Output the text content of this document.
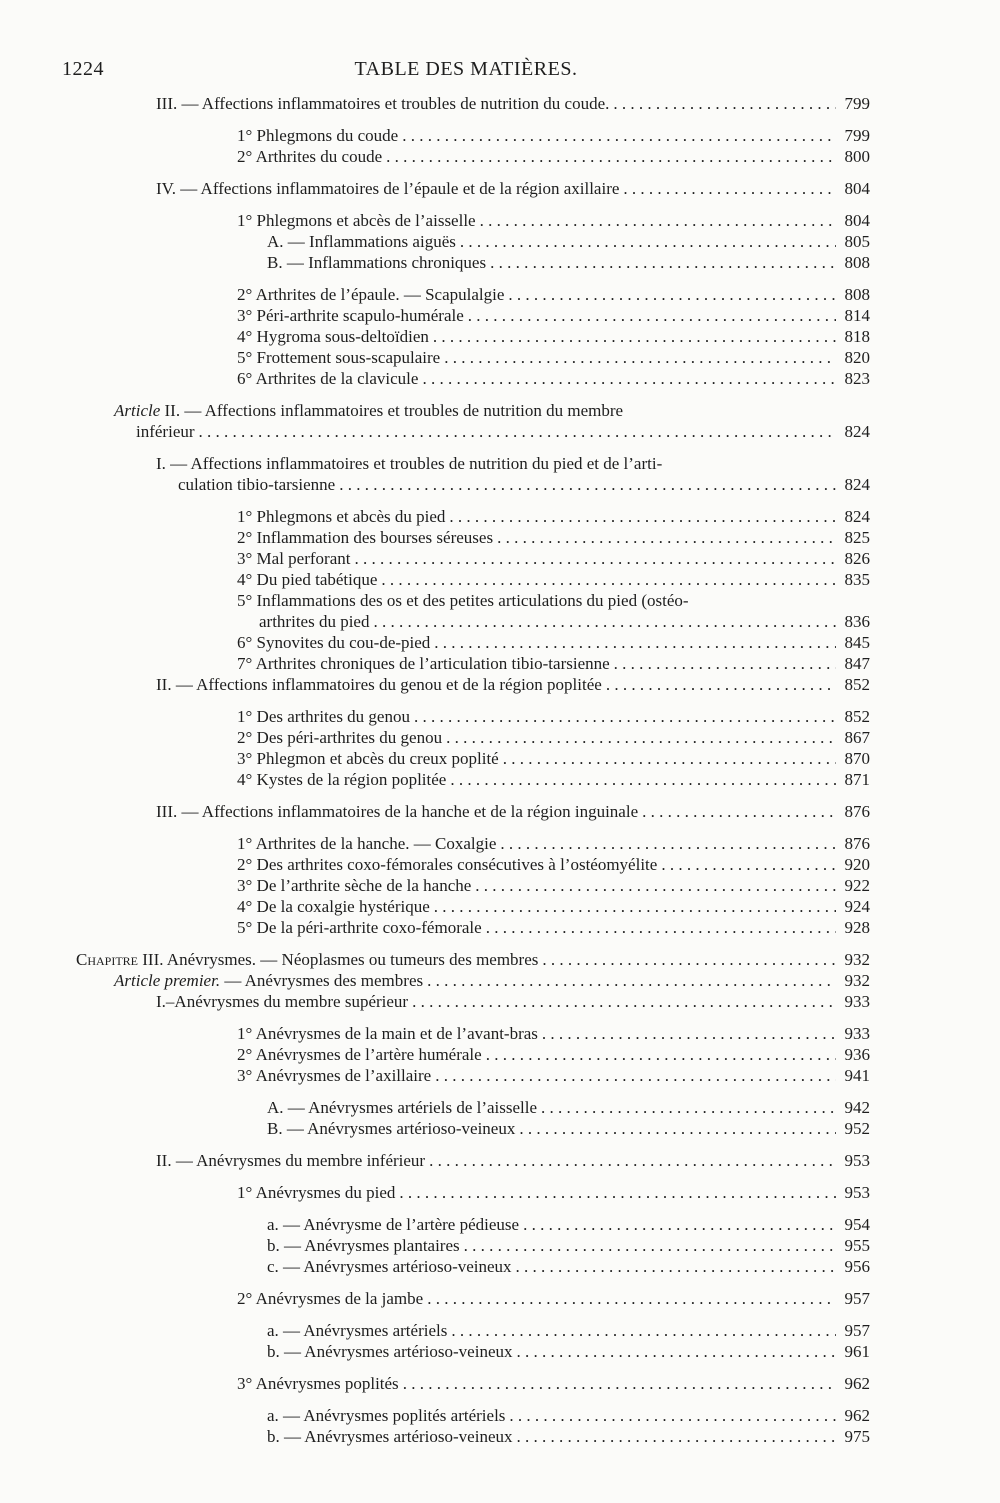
1224	TABLE DES MATIÈRES.
III. — Affections inflammatoires et troubles de nutrition du coude. . . .	799
1° Phlegmons du coude . . .	799
2° Arthrites du coude . . .	800
IV. — Affections inflammatoires de l’épaule et de la région axillaire . . .	804
1° Phlegmons et abcès de l’aisselle . . .	804
A. — Inflammations aiguës . . .	805
B. — Inflammations chroniques . . .	808
2° Arthrites de l’épaule. — Scapulalgie . . .	808
3° Péri-arthrite scapulo-humérale . . .	814
4° Hygroma sous-deltoïdien . . .	818
5° Frottement sous-scapulaire . . .	820
6° Arthrites de la clavicule . . .	823
Article II. — Affections inflammatoires et troubles de nutrition du membre
inférieur . . .	824
I. — Affections inflammatoires et troubles de nutrition du pied et de l’arti-
culation tibio-tarsienne . . .	824
1° Phlegmons et abcès du pied . . .	824
2° Inflammation des bourses séreuses . . .	825
3° Mal perforant . . .	826
4° Du pied tabétique . . .	835
5° Inflammations des os et des petites articulations du pied (ostéo-
arthrites du pied . . .	836
6° Synovites du cou-de-pied . . .	845
7° Arthrites chroniques de l’articulation tibio-tarsienne . . .	847
II. — Affections inflammatoires du genou et de la région poplitée . . .	852
1° Des arthrites du genou . . .	852
2° Des péri-arthrites du genou . . .	867
3° Phlegmon et abcès du creux poplité . . .	870
4° Kystes de la région poplitée . . .	871
III. — Affections inflammatoires de la hanche et de la région inguinale . . .	876
1° Arthrites de la hanche. — Coxalgie . . .	876
2° Des arthrites coxo-fémorales consécutives à l’ostéomyélite . . .	920
3° De l’arthrite sèche de la hanche . . .	922
4° De la coxalgie hystérique . . .	924
5° De la péri-arthrite coxo-fémorale . . .	928
Chapitre III. Anévrysmes. — Néoplasmes ou tumeurs des membres . . .	932
Article premier. — Anévrysmes des membres . . .	932
I.–Anévrysmes du membre supérieur . . .	933
1° Anévrysmes de la main et de l’avant-bras . . .	933
2° Anévrysmes de l’artère humérale . . .	936
3° Anévrysmes de l’axillaire . . .	941
A. — Anévrysmes artériels de l’aisselle . . .	942
B. — Anévrysmes artérioso-veineux . . .	952
II. — Anévrysmes du membre inférieur . . .	953
1° Anévrysmes du pied . . .	953
a. — Anévrysme de l’artère pédieuse . . .	954
b. — Anévrysmes plantaires . . .	955
c. — Anévrysmes artérioso-veineux . . .	956
2° Anévrysmes de la jambe . . .	957
a. — Anévrysmes artériels . . .	957
b. — Anévrysmes artérioso-veineux . . .	961
3° Anévrysmes poplités . . .	962
a. — Anévrysmes poplités artériels . . .	962
b. — Anévrysmes artérioso-veineux . . .	975
